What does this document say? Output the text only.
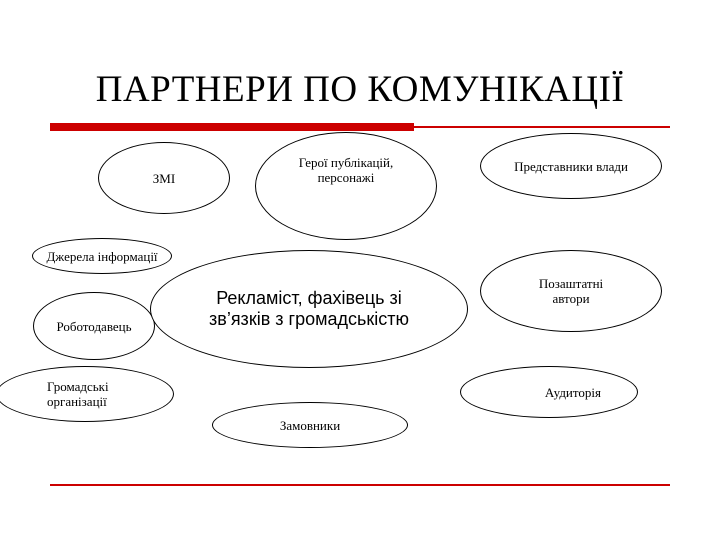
ПАРТНЕРИ ПО КОМУНІКАЦІЇ
ЗМІ
Герої публікацій, персонажі
Представники влади
Джерела інформації
Роботодавець
Рекламіст, фахівець зі зв’язків з громадськістю
Позаштатні автори
Громадські організації
Аудиторія
Замовники
